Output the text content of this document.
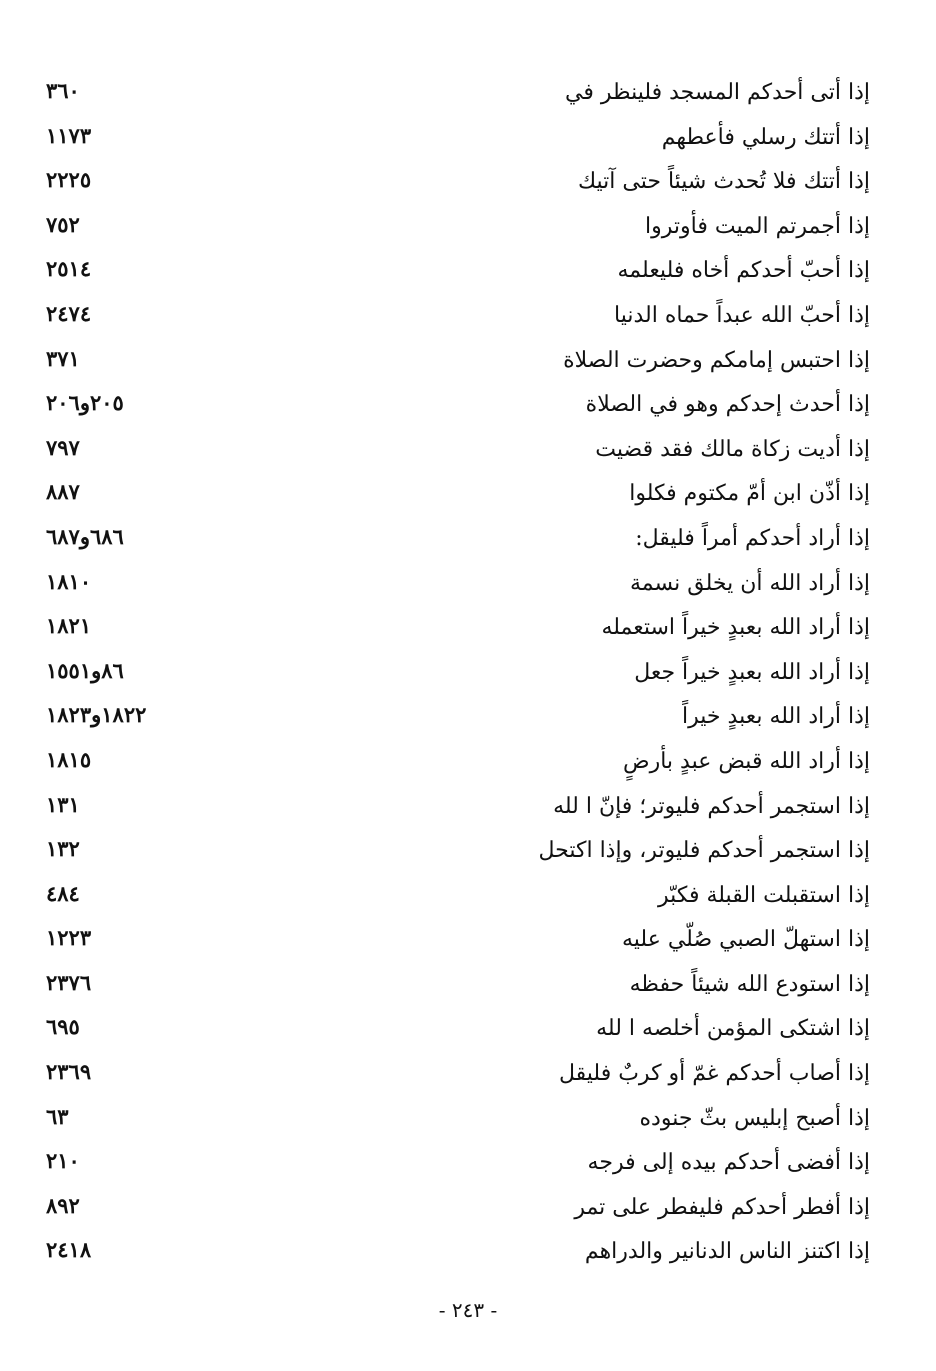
إذا أتى أحدكم المسجد فلينظر في
٣٦٠
إذا أتتك رسلي فأعطهم
١١٧٣
إذا أتتك فلا تُحدث شيئاً حتى آتيك
٢٢٢٥
إذا أجمرتم الميت فأوتروا
٧٥٢
إذا أحبّ أحدكم أخاه فليعلمه
٢٥١٤
إذا أحبّ الله عبداً حماه الدنيا
٢٤٧٤
إذا احتبس إمامكم وحضرت الصلاة
٣٧١
إذا أحدث إحدكم وهو في الصلاة
٢٠٥و٢٠٦
إذا أديت زكاة مالك فقد قضيت
٧٩٧
إذا أذّن ابن أمّ مكتوم فكلوا
٨٨٧
إذا أراد أحدكم أمراً فليقل:
٦٨٦و٦٨٧
إذا أراد الله أن يخلق نسمة
١٨١٠
إذا أراد الله بعبدٍ خيراً استعمله
١٨٢١
إذا أراد الله بعبدٍ خيراً جعل
٨٦و١٥٥١
إذا أراد الله بعبدٍ خيراً
١٨٢٢و١٨٢٣
إذا أراد الله قبض عبدٍ بأرضٍ
١٨١٥
إذا استجمر أحدكم فليوتر؛ فإنّ ا لله
١٣١
إذا استجمر أحدكم فليوتر، وإذا اكتحل
١٣٢
إذا استقبلت القبلة فكبّر
٤٨٤
إذا استهلّ الصبي صُلّي عليه
١٢٢٣
إذا استودع الله شيئاً حفظه
٢٣٧٦
إذا اشتكى المؤمن أخلصه ا لله
٦٩٥
إذا أصاب أحدكم غمّ أو كربٌ فليقل
٢٣٦٩
إذا أصبح إبليس بثّ جنوده
٦٣
إذا أفضى أحدكم بيده إلى فرجه
٢١٠
إذا أفطر أحدكم فليفطر على تمر
٨٩٢
إذا اكتنز الناس الدنانير والدراهم
٢٤١٨
- ٢٤٣ -
